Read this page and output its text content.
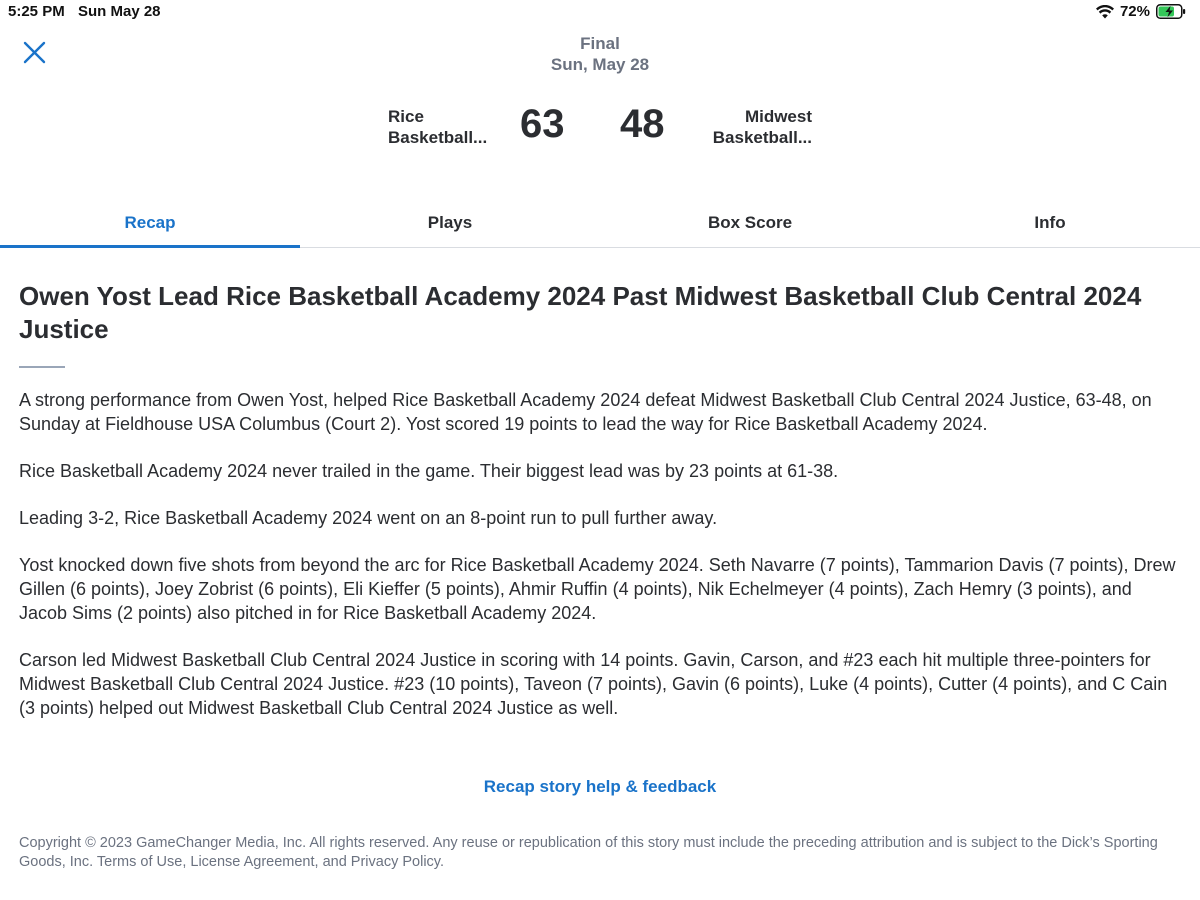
5:25 PM Sun May 28	72%
Final
Sun, May 28
Rice
Basketball... 63 48	Midwest
Basketball...
Recap	Plays	Box Score	Info
Owen Yost Lead Rice Basketball Academy 2024 Past Midwest Basketball Club Central 2024 Justice

A strong performance from Owen Yost, helped Rice Basketball Academy 2024 defeat Midwest Basketball Club Central 2024 Justice, 63-48, on Sunday at Fieldhouse USA Columbus (Court 2). Yost scored 19 points to lead the way for Rice Basketball Academy 2024.

Rice Basketball Academy 2024 never trailed in the game. Their biggest lead was by 23 points at 61-38.

Leading 3-2, Rice Basketball Academy 2024 went on an 8-point run to pull further away.

Yost knocked down five shots from beyond the arc for Rice Basketball Academy 2024. Seth Navarre (7 points), Tammarion Davis (7 points), Drew Gillen (6 points), Joey Zobrist (6 points), Eli Kieffer (5 points), Ahmir Ruffin (4 points), Nik Echelmeyer (4 points), Zach Hemry (3 points), and Jacob Sims (2 points) also pitched in for Rice Basketball Academy 2024.

Carson led Midwest Basketball Club Central 2024 Justice in scoring with 14 points. Gavin, Carson, and #23 each hit multiple three-pointers for Midwest Basketball Club Central 2024 Justice. #23 (10 points), Taveon (7 points), Gavin (6 points), Luke (4 points), Cutter (4 points), and C Cain (3 points) helped out Midwest Basketball Club Central 2024 Justice as well.

Recap story help & feedback
Copyright © 2023 GameChanger Media, Inc. All rights reserved. Any reuse or republication of this story must include the preceding attribution and is subject to the Dick’s Sporting Goods, Inc. Terms of Use, License Agreement, and Privacy Policy.
